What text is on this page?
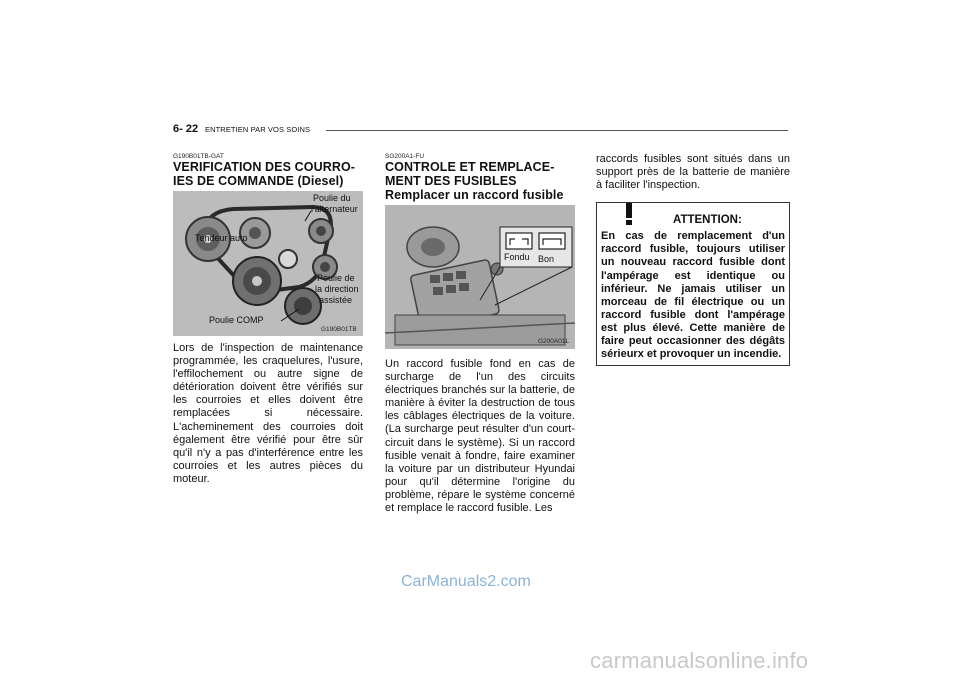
6- 22 ENTRETIEN PAR VOS SOINS
G190B01TB-GAT
VERIFICATION DES COURRO-
IES DE COMMANDE (Diesel)
Poulie du
l'alternateur
Tendeur auto
Poulie de
la direction
assistée
Poulie COMP
G190B01TB
Lors de l'inspection de maintenance programmée, les craquelures, l'usure, l'effilochement ou autre signe de détérioration doivent être vérifiés sur les courroies et elles doivent être remplacées si nécessaire. L'acheminement des courroies doit également être vérifié pour être sûr qu'il n'y a pas d'interférence entre les courroies et les autres pièces du moteur.
SG200A1-FU
CONTROLE ET REMPLACE-
MENT DES FUSIBLES
Remplacer un raccord fusible
Fondu Bon
G200A01L
Un raccord fusible fond en cas de surcharge de l'un des circuits électriques branchés sur la batterie, de manière à éviter la destruction de tous les câblages électriques de la voiture. (La surcharge peut résulter d'un court-circuit dans le système). Si un raccord fusible venait à fondre, faire examiner la voiture par un distributeur Hyundai pour qu'il détermine l'origine du problème, répare le système concerné et remplace le raccord fusible. Les
raccords fusibles sont situés dans un support près de la batterie de manière à faciliter l'inspection.
ATTENTION:
En cas de remplacement d'un raccord fusible, toujours utiliser un nouveau raccord fusible dont l'ampérage est identique ou inférieur. Ne jamais utiliser un morceau de fil électrique ou un raccord fusible dont l'ampérage est plus élevé. Cette manière de faire peut occasionner des dégâts sérieurx et provoquer un incendie.
CarManuals2.com
carmanualsonline.info
